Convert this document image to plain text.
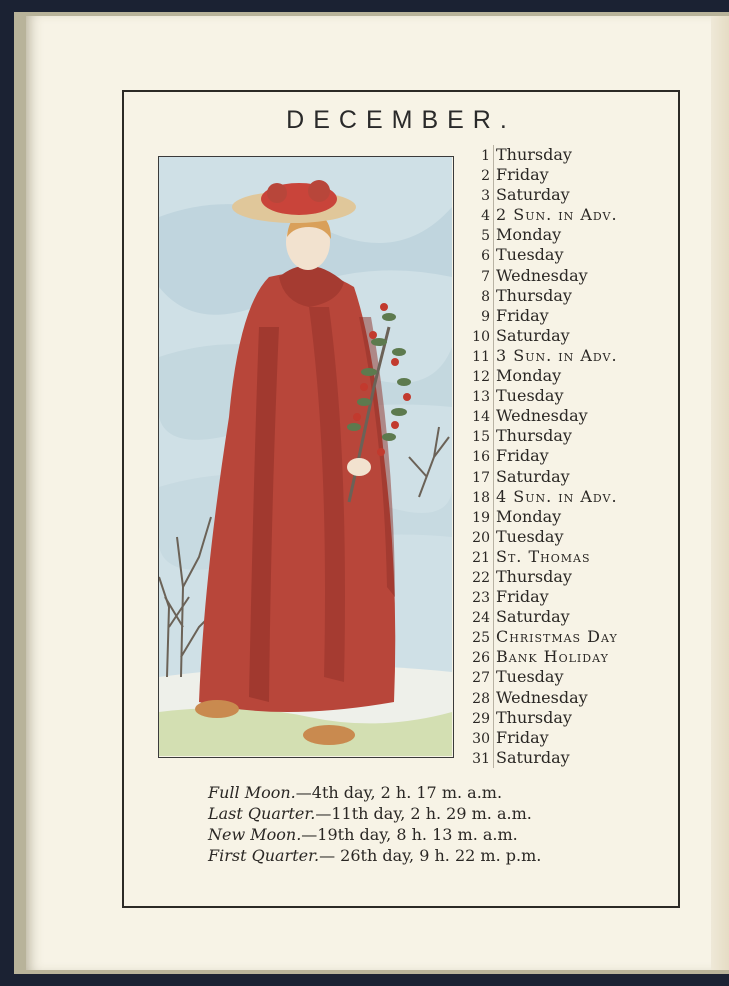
DECEMBER.
1 Thursday
2 Friday
3 Saturday
4 2 Sun. in Adv.
5 Monday
6 Tuesday
7 Wednesday
8 Thursday
9 Friday
10 Saturday
11 3 Sun. in Adv.
12 Monday
13 Tuesday
14 Wednesday
15 Thursday
16 Friday
17 Saturday
18 4 Sun. in Adv.
19 Monday
20 Tuesday
21 St. Thomas
22 Thursday
23 Friday
24 Saturday
25 Christmas Day
26 Bank Holiday
27 Tuesday
28 Wednesday
29 Thursday
30 Friday
31 Saturday
Full Moon.—4th day, 2 h. 17 m. a.m.
Last Quarter.—11th day, 2 h. 29 m. a.m.
New Moon.—19th day, 8 h. 13 m. a.m.
First Quarter.— 26th day, 9 h. 22 m. p.m.
